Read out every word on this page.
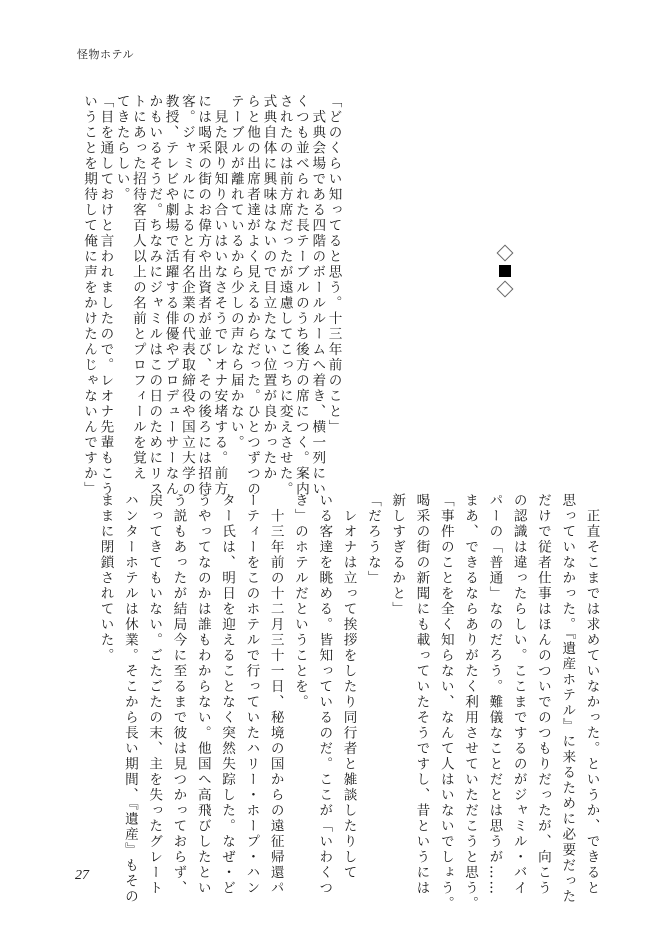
怪物ホテル
「どのくらい知ってると思う。十三年前のこと」
　式典会場である四階のボールルームへ着き、横一列にい
くつも並べられた長テーブルのうち後方の席につく。案内
されたのは前方席だったが遠慮してこっちに変えさせた。
式典自体に興味はないので目立たない位置が良かったか
らと他の出席者達がよく見えるからだった。ひとつずつの
テーブルが離れているから少しの声なら届かない。
　見た限り知り合いはいなさそうでレオナ安堵する。前方
には喝采の街のお偉方や出資者が並び、その後ろには招待
客。ジャミルによると有名企業の代表取締役や国立大学の
教授、テレビや劇場で活躍する俳優やプロデューサーなん
かもいるそうだ。ちなみにジャミルはこの日のためにリス
トにあった招待客百人以上の名前とプロフィールを覚え
てきたらしい。
「目を通しておけと言われましたので。レオナ先輩もこう
いうことを期待して俺に声をかけたんじゃないんですか」
　正直そこまでは求めていなかった。というか、できると
思っていなかった。『遺産ホテル』に来るために必要だった
だけで従者仕事はほんのついでのつもりだったが、向こう
の認識は違ったらしい。ここまでするのがジャミル・バイ
パーの「普通」なのだろう。難儀なことだとは思うが……
まあ、できるならありがたく利用させていただこうと思う。
「事件のことを全く知らない、なんて人はいないでしょう。
喝采の街の新聞にも載っていたそうですし、昔というには
新しすぎるかと」
「だろうな」
　レオナは立って挨拶をしたり同行者と雑談したりして
いる客達を眺める。皆知っているのだ。ここが「いわくつ
き」のホテルだということを。
　十三年前の十二月三十一日、秘境の国からの遠征帰還パ
ーティーをこのホテルで行っていたハリー・ホープ・ハン
ター氏は、明日を迎えることなく突然失踪した。なぜ・ど
うやってなのかは誰もわからない。他国へ高飛びしたとい
う説もあったが結局今に至るまで彼は見つかっておらず、
戻ってきてもいない。ごたごたの末、主を失ったグレート
ハンターホテルは休業。そこから長い期間、『遺産』もその
ままに閉鎖されていた。
27
